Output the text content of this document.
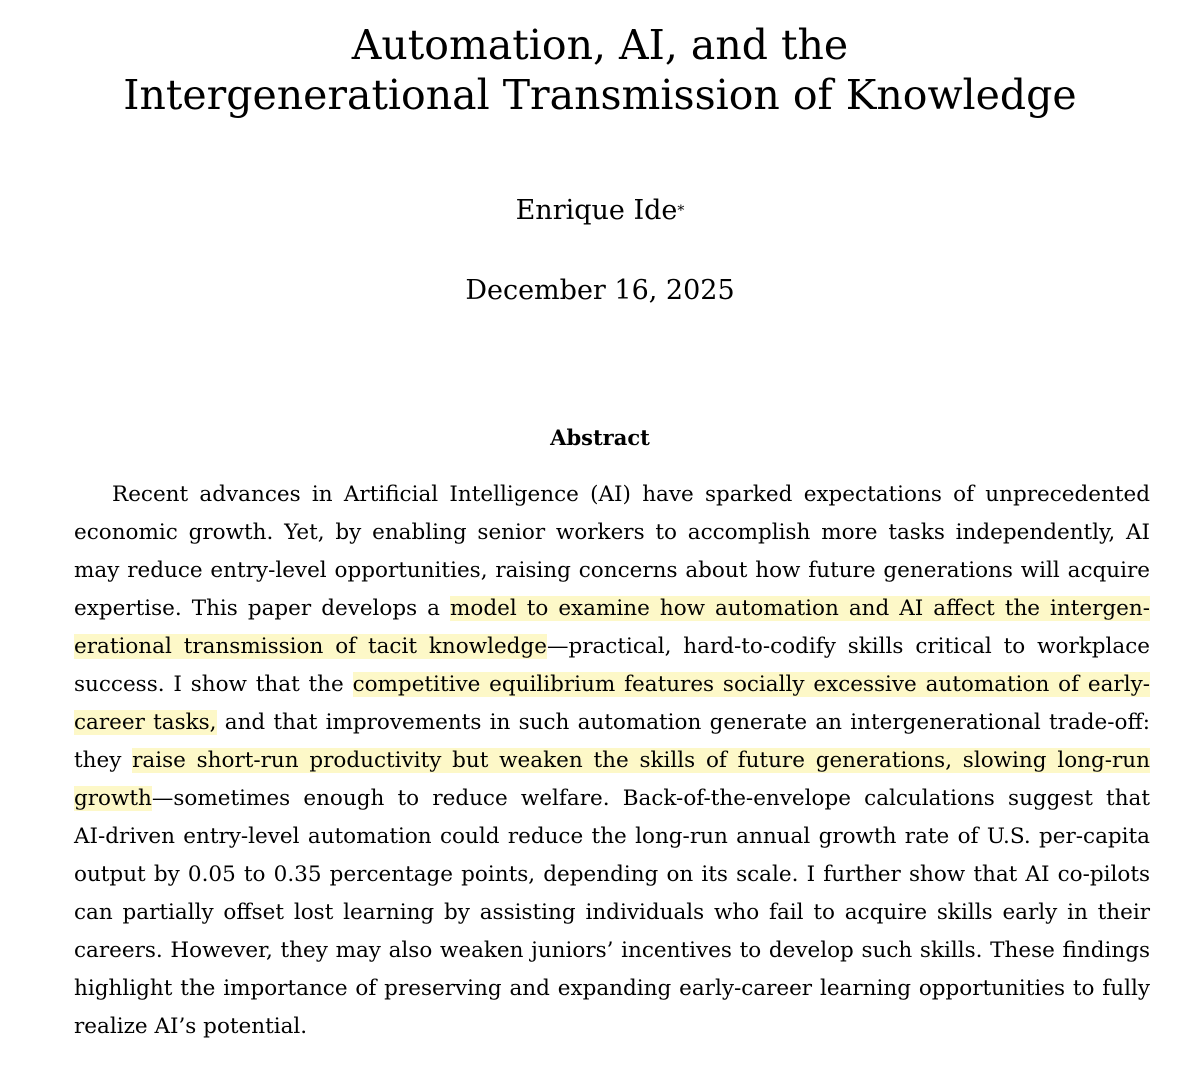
Automation, AI, and the
Intergenerational Transmission of Knowledge
Enrique Ide*
December 16, 2025
Abstract
Recent advances in Artificial Intelligence (AI) have sparked expectations of unprecedented
economic growth. Yet, by enabling senior workers to accomplish more tasks independently, AI
may reduce entry-level opportunities, raising concerns about how future generations will acquire
expertise. This paper develops a model to examine how automation and AI affect the intergen-
erational transmission of tacit knowledge—practical, hard-to-codify skills critical to workplace
success. I show that the competitive equilibrium features socially excessive automation of early-
career tasks, and that improvements in such automation generate an intergenerational trade-off:
they raise short-run productivity but weaken the skills of future generations, slowing long-run
growth—sometimes enough to reduce welfare. Back-of-the-envelope calculations suggest that
AI-driven entry-level automation could reduce the long-run annual growth rate of U.S. per-capita
output by 0.05 to 0.35 percentage points, depending on its scale. I further show that AI co-pilots
can partially offset lost learning by assisting individuals who fail to acquire skills early in their
careers. However, they may also weaken juniors’ incentives to develop such skills. These findings
highlight the importance of preserving and expanding early-career learning opportunities to fully
realize AI’s potential.
